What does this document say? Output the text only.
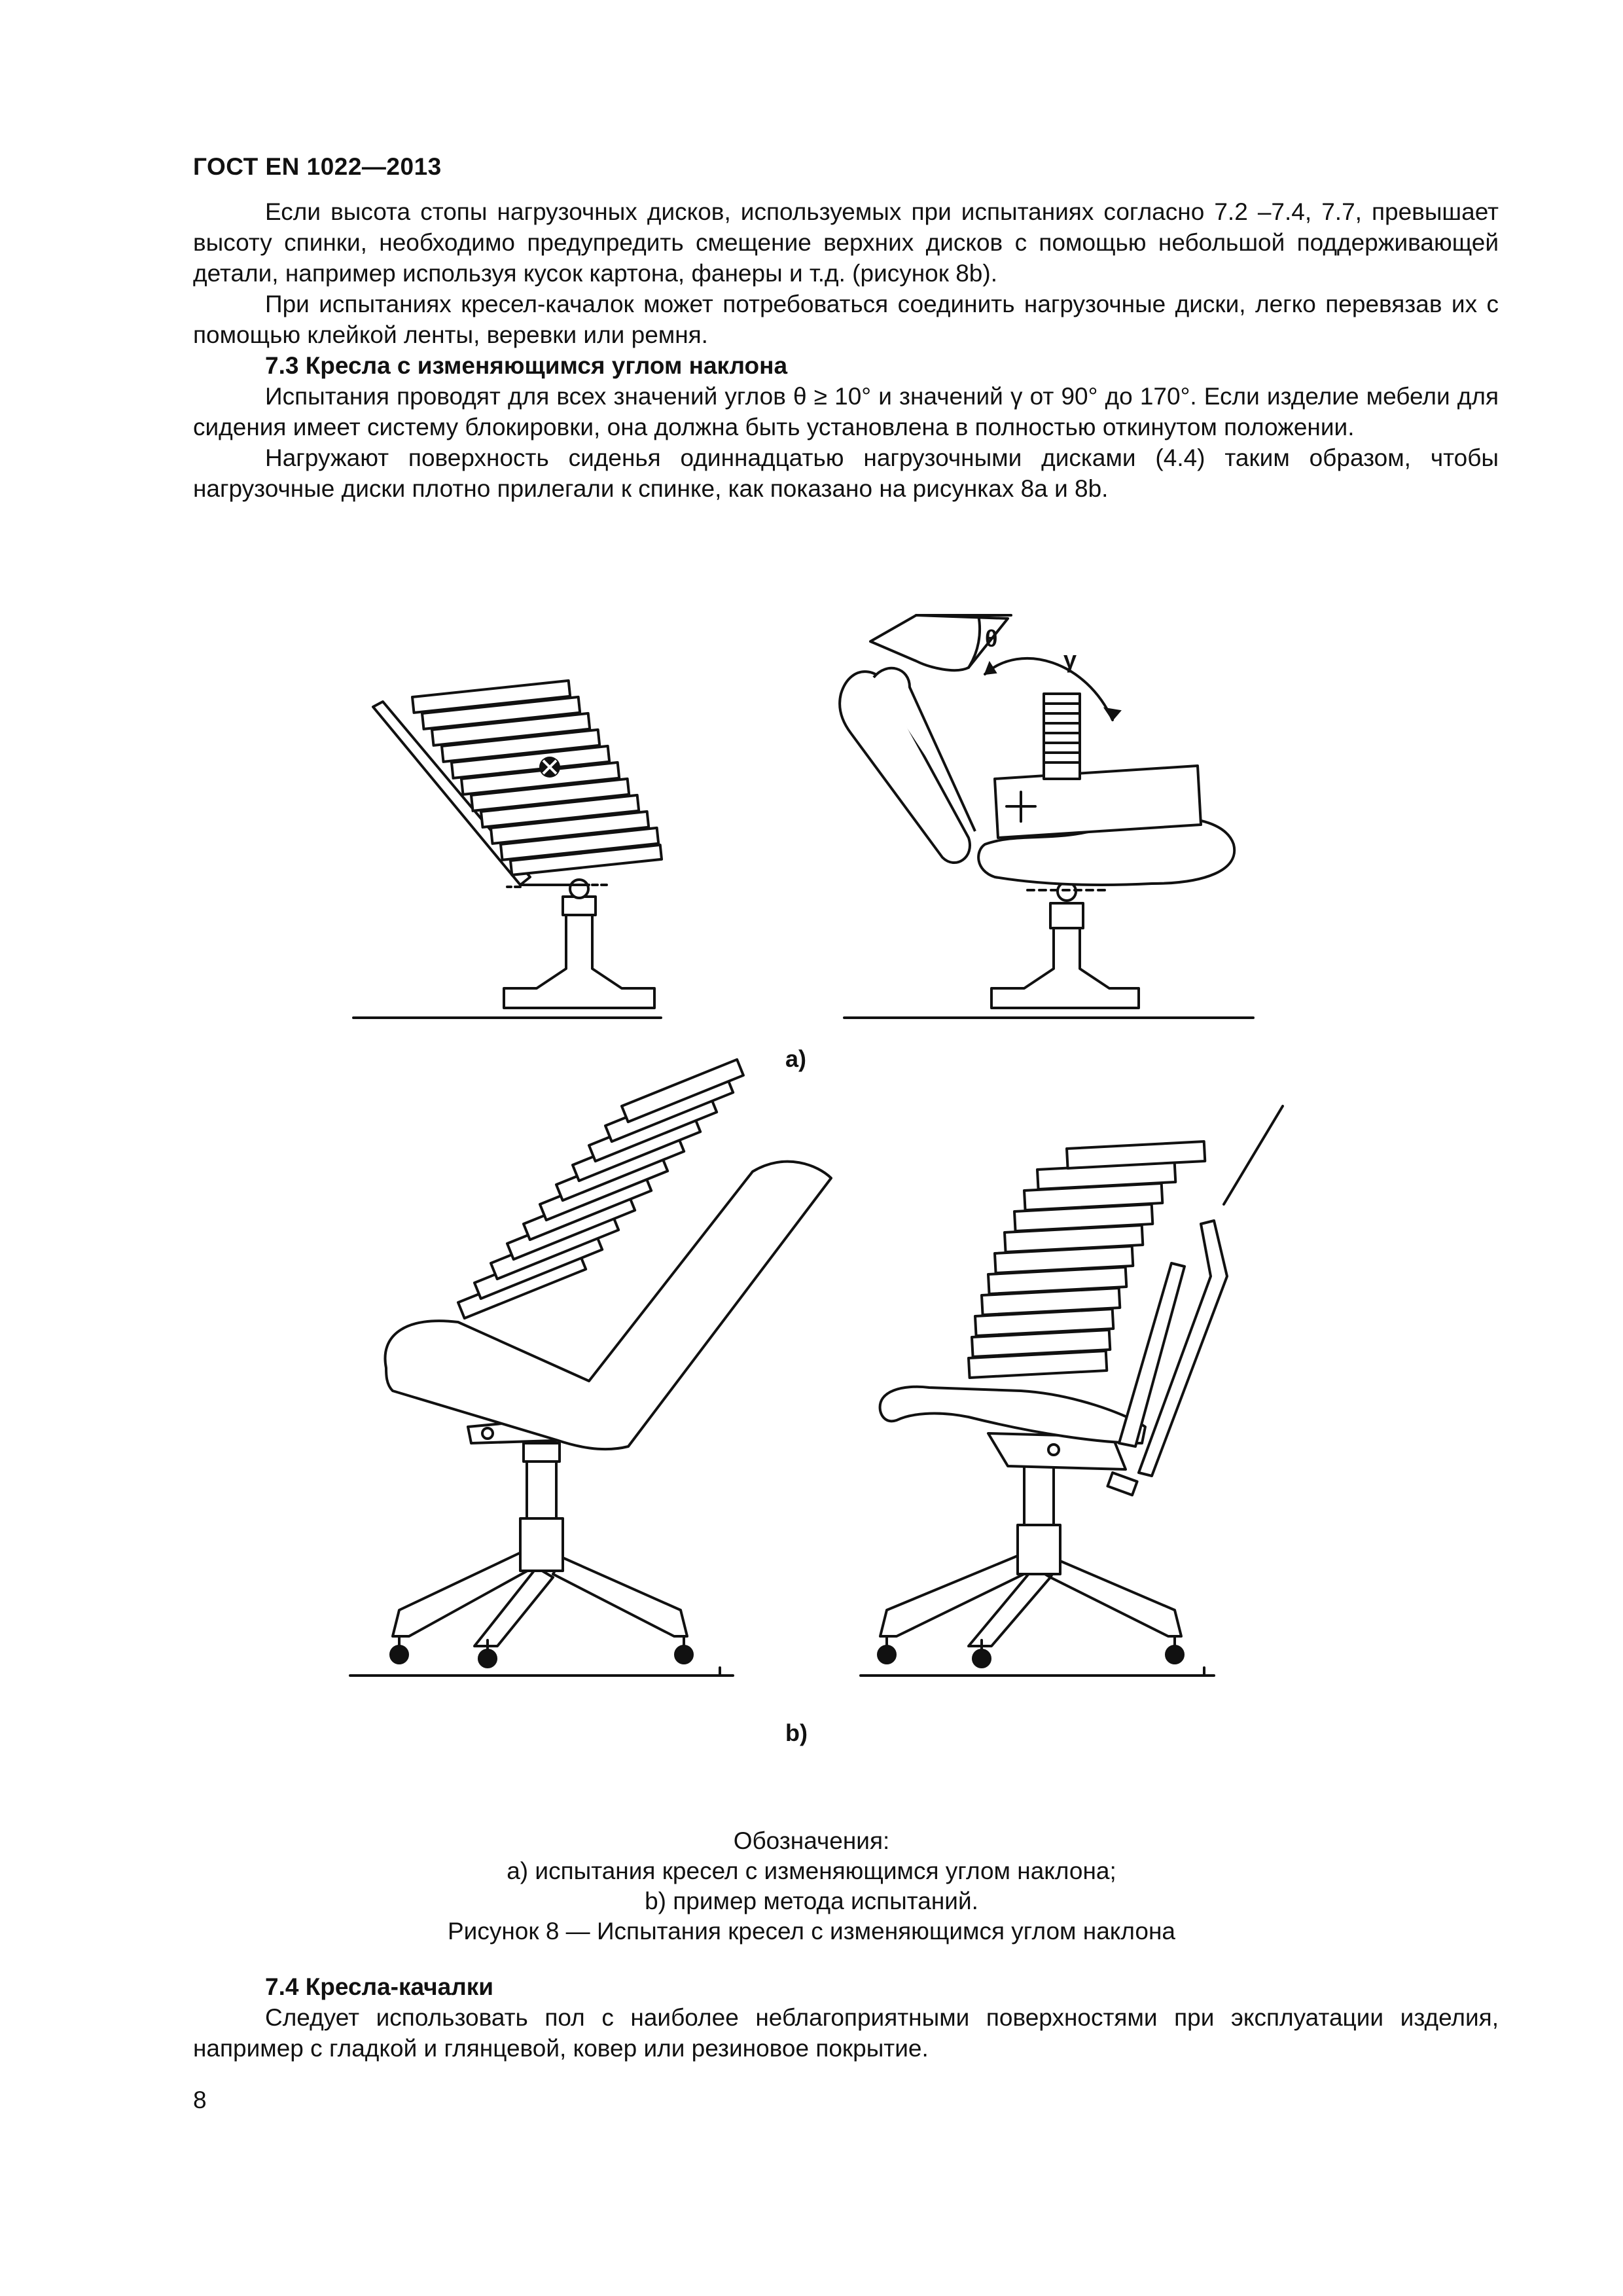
ГОСТ EN 1022—2013

Если высота стопы нагрузочных дисков, используемых при испытаниях согласно 7.2 –7.4, 7.7, превышает высоту спинки, необходимо предупредить смещение верхних дисков с помощью небольшой поддерживающей детали, например используя кусок картона, фанеры и т.д. (рисунок 8b).

При испытаниях кресел-качалок может потребоваться соединить нагрузочные диски, легко перевязав их с помощью клейкой ленты, веревки или ремня.

7.3 Кресла с изменяющимся углом наклона

Испытания проводят для всех значений углов θ ≥ 10° и значений γ от 90° до 170°. Если изделие мебели для сидения имеет систему блокировки, она должна быть установлена в полностью откинутом положении.

Нагружают поверхность сиденья одиннадцатью нагрузочными дисками (4.4) таким образом, чтобы нагрузочные диски плотно прилегали к спинке, как показано на рисунках 8a и 8b.

θ
γ
a)
b)
Обозначения:
a) испытания кресел с изменяющимся углом наклона;
b) пример метода испытаний.
Рисунок 8 — Испытания кресел с изменяющимся углом наклона

7.4 Кресла-качалки

Следует использовать пол с наиболее неблагоприятными поверхностями при эксплуатации изделия, например с гладкой и глянцевой, ковер или резиновое покрытие.

8
